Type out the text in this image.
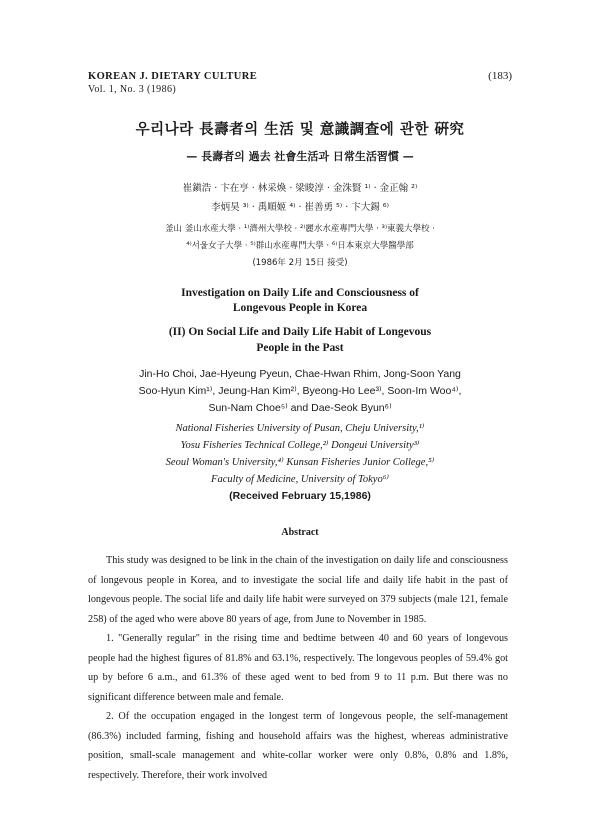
KOREAN J. DIETARY CULTURE
Vol. 1, No. 3 (1986)
(183)
우리나라 長壽者의 生活 및 意識調査에 관한 硏究
— 長壽者의 過去 社會生活과 日常生活習慣 —
崔鎭浩 · 卞在亨 · 林采煥 · 梁晙淳 · 金洙賢 ¹⁾ · 金正翰 ²⁾
李炳昊 ³⁾ · 禹順姬 ⁴⁾ · 崔善勇 ⁵⁾ · 卞大錫 ⁶⁾
釜山 釜山水産大學 · ¹⁾濟州大學校 · ²⁾麗水水産專門大學 · ³⁾東義大學校 ·
⁴⁾서울女子大學 · ⁵⁾群山水産專門大學 · ⁶⁾日本東京大學醫學部
(1986年 2月 15日 接受)
Investigation on Daily Life and Consciousness of
Longevous People in Korea
(II) On Social Life and Daily Life Habit of Longevous
People in the Past
Jin-Ho Choi, Jae-Hyeung Pyeun, Chae-Hwan Rhim, Jong-Soon Yang
Soo-Hyun Kim¹⁾, Jeung-Han Kim²⁾, Byeong-Ho Lee³⁾, Soon-Im Woo⁴⁾,
Sun-Nam Choe⁵⁾ and Dae-Seok Byun⁶⁾
National Fisheries University of Pusan, Cheju University,¹⁾
Yosu Fisheries Technical College,²⁾ Dongeui University³⁾
Seoul Woman's University,⁴⁾ Kunsan Fisheries Junior College,⁵⁾
Faculty of Medicine, University of Tokyo⁶⁾
(Received February 15,1986)
Abstract

This study was designed to be link in the chain of the investigation on daily life and consciousness of longevous people in Korea, and to investigate the social life and daily life habit in the past of longevous people. The social life and daily life habit were surveyed on 379 subjects (male 121, female 258) of the aged who were above 80 years of age, from June to November in 1985.

1. "Generally regular" in the rising time and bedtime between 40 and 60 years of longevous people had the highest figures of 81.8% and 63.1%, respectively. The longevous peoples of 59.4% got up by before 6 a.m., and 61.3% of these aged went to bed from 9 to 11 p.m. But there was no significant difference between male and female.

2. Of the occupation engaged in the longest term of longevous people, the self-management (86.3%) included farming, fishing and household affairs was the highest, whereas administrative position, small-scale management and white-collar worker were only 0.8%, 0.8% and 1.8%, respectively. Therefore, their work involved
